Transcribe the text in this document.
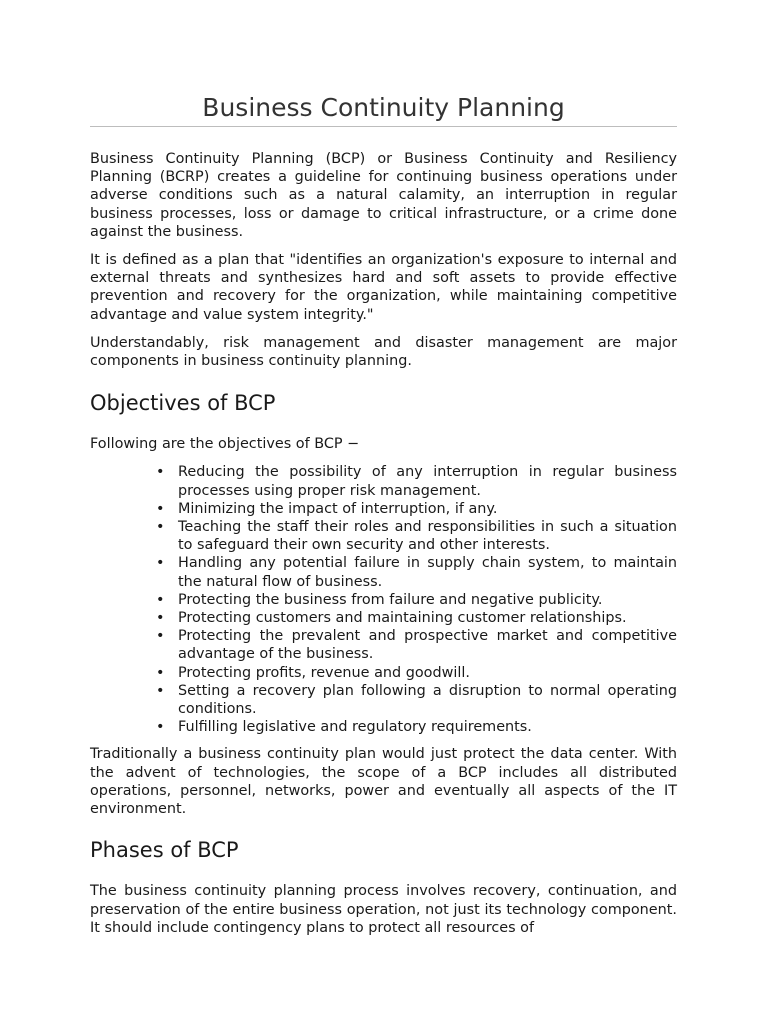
Business Continuity Planning

Business Continuity Planning (BCP) or Business Continuity and Resiliency Planning (BCRP) creates a guideline for continuing business operations under adverse conditions such as a natural calamity, an interruption in regular business processes, loss or damage to critical infrastructure, or a crime done against the business.

It is defined as a plan that "identifies an organization's exposure to internal and external threats and synthesizes hard and soft assets to provide effective prevention and recovery for the organization, while maintaining competitive advantage and value system integrity."

Understandably, risk management and disaster management are major components in business continuity planning.

Objectives of BCP

Following are the objectives of BCP −

• Reducing the possibility of any interruption in regular business processes using proper risk management.
• Minimizing the impact of interruption, if any.
• Teaching the staff their roles and responsibilities in such a situation to safeguard their own security and other interests.
• Handling any potential failure in supply chain system, to maintain the natural flow of business.
• Protecting the business from failure and negative publicity.
• Protecting customers and maintaining customer relationships.
• Protecting the prevalent and prospective market and competitive advantage of the business.
• Protecting profits, revenue and goodwill.
• Setting a recovery plan following a disruption to normal operating conditions.
• Fulfilling legislative and regulatory requirements.

Traditionally a business continuity plan would just protect the data center. With the advent of technologies, the scope of a BCP includes all distributed operations, personnel, networks, power and eventually all aspects of the IT environment.

Phases of BCP

The business continuity planning process involves recovery, continuation, and preservation of the entire business operation, not just its technology component. It should include contingency plans to protect all resources of
